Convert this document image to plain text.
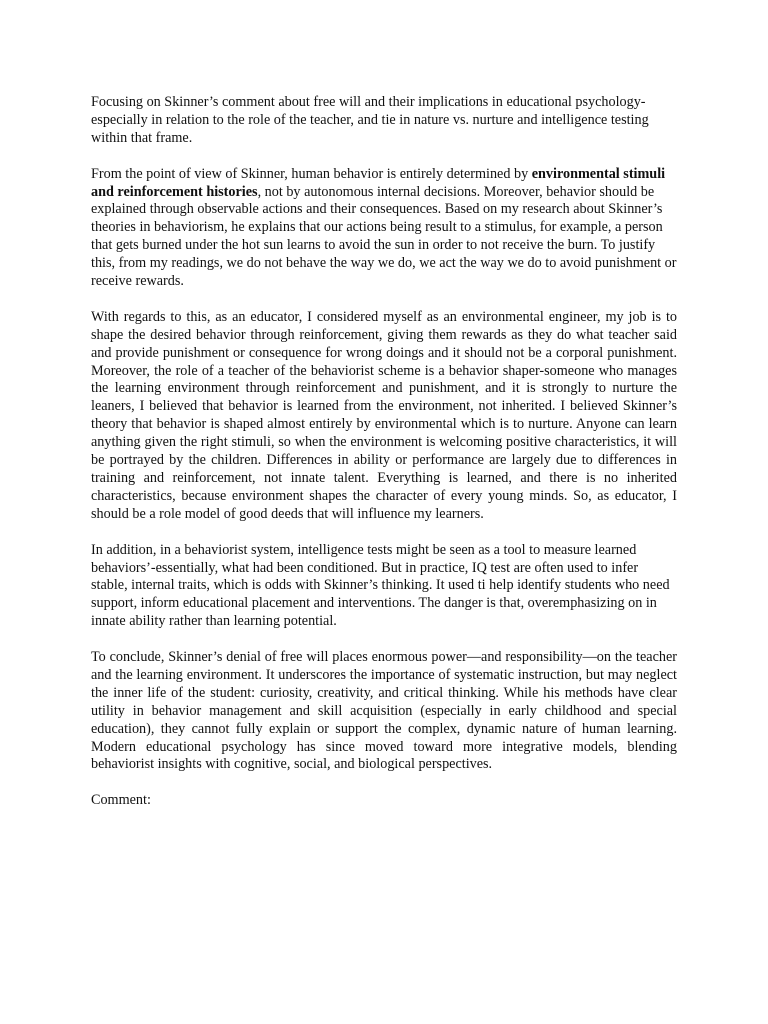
Focusing on Skinner’s comment about free will and their implications in educational psychology-especially in relation to the role of the teacher, and tie in nature vs. nurture and intelligence testing within that frame.

From the point of view of Skinner, human behavior is entirely determined by environmental stimuli and reinforcement histories, not by autonomous internal decisions. Moreover, behavior should be explained through observable actions and their consequences. Based on my research about Skinner’s theories in behaviorism, he explains that our actions being result to a stimulus, for example, a person that gets burned under the hot sun learns to avoid the sun in order to not receive the burn. To justify this, from my readings, we do not behave the way we do, we act the way we do to avoid punishment or receive rewards.

With regards to this, as an educator, I considered myself as an environmental engineer, my job is to shape the desired behavior through reinforcement, giving them rewards as they do what teacher said and provide punishment or consequence for wrong doings and it should not be a corporal punishment. Moreover, the role of a teacher of the behaviorist scheme is a behavior shaper-someone who manages the learning environment through reinforcement and punishment, and it is strongly to nurture the leaners, I believed that behavior is learned from the environment, not inherited. I believed Skinner’s theory that behavior is shaped almost entirely by environmental which is to nurture. Anyone can learn anything given the right stimuli, so when the environment is welcoming positive characteristics, it will be portrayed by the children. Differences in ability or performance are largely due to differences in training and reinforcement, not innate talent. Everything is learned, and there is no inherited characteristics, because environment shapes the character of every young minds. So, as educator, I should be a role model of good deeds that will influence my learners.

In addition, in a behaviorist system, intelligence tests might be seen as a tool to measure learned behaviors’-essentially, what had been conditioned. But in practice, IQ test are often used to infer stable, internal traits, which is odds with Skinner’s thinking. It used ti help identify students who need support, inform educational placement and interventions. The danger is that, overemphasizing on in innate ability rather than learning potential.

To conclude, Skinner’s denial of free will places enormous power—and responsibility—on the teacher and the learning environment. It underscores the importance of systematic instruction, but may neglect the inner life of the student: curiosity, creativity, and critical thinking. While his methods have clear utility in behavior management and skill acquisition (especially in early childhood and special education), they cannot fully explain or support the complex, dynamic nature of human learning. Modern educational psychology has since moved toward more integrative models, blending behaviorist insights with cognitive, social, and biological perspectives.

Comment:
